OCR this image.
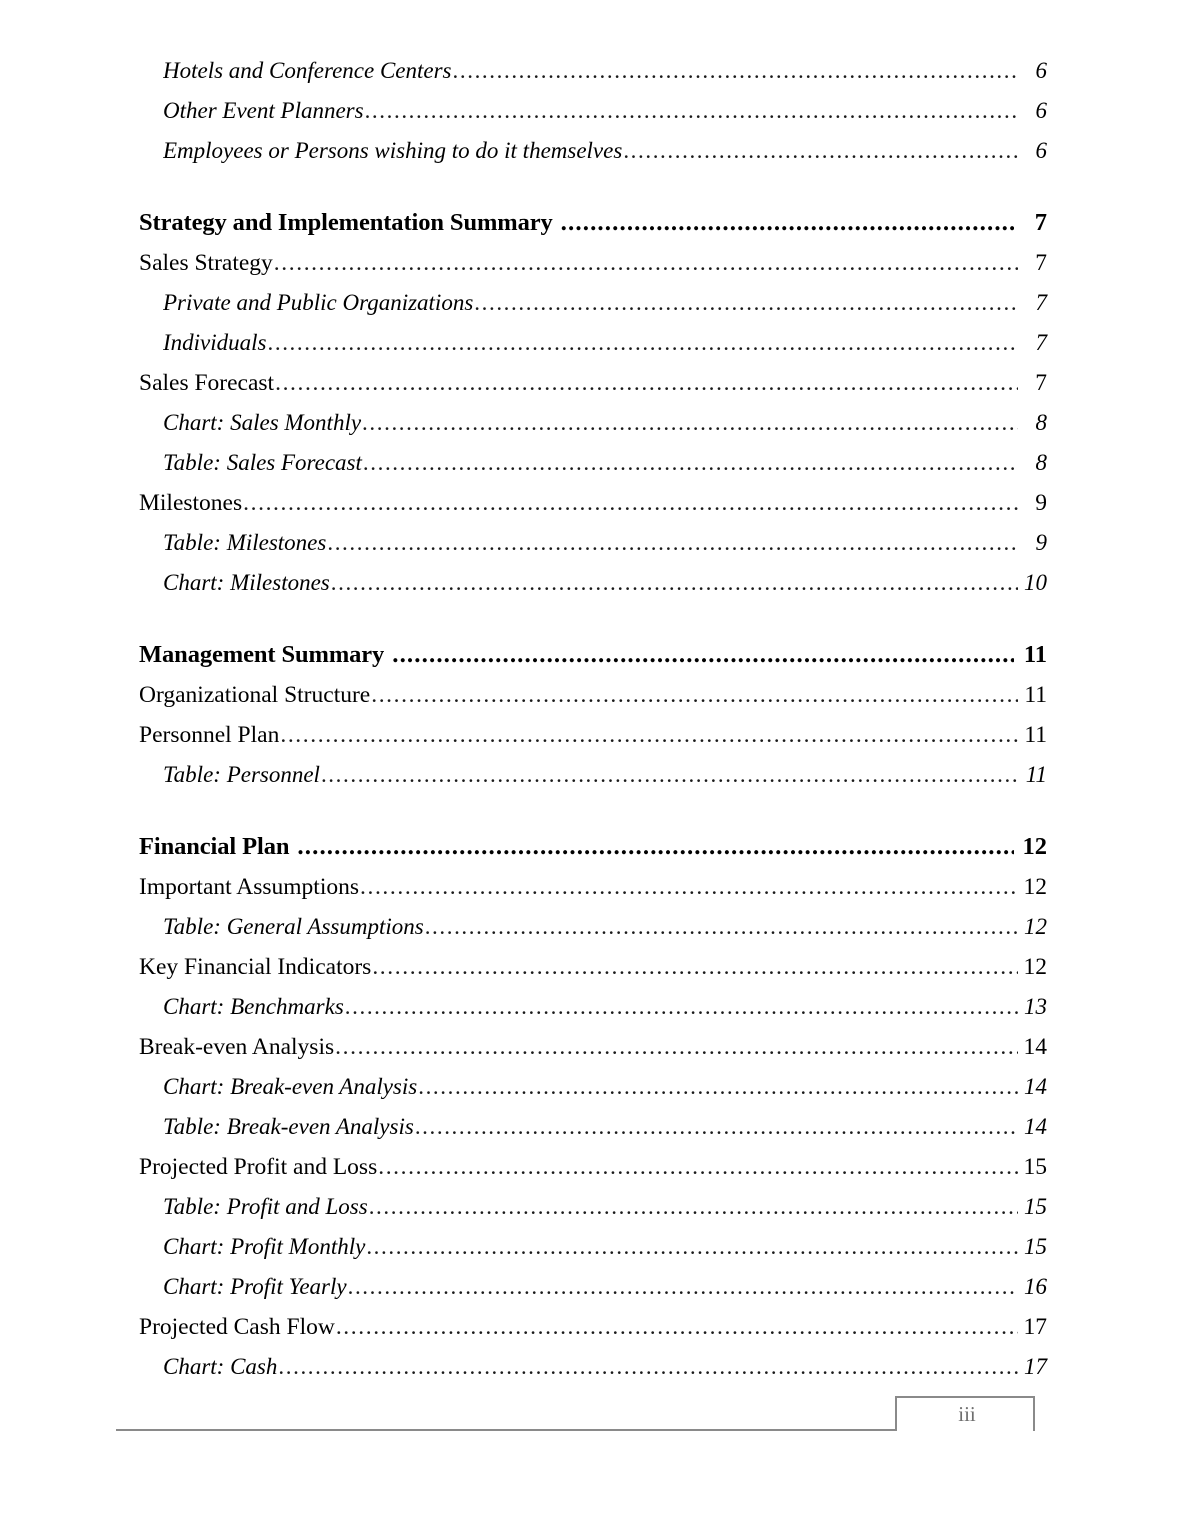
Hotels and Conference Centers .....	6
Other Event Planners .....	6
Employees or Persons wishing to do it themselves .....	6
Strategy and Implementation Summary .....	7
Sales Strategy .....	7
Private and Public Organizations .....	7
Individuals .....	7
Sales Forecast .....	7
Chart: Sales Monthly .....	8
Table: Sales Forecast .....	8
Milestones .....	9
Table: Milestones .....	9
Chart: Milestones .....	10
Management Summary .....	11
Organizational Structure .....	11
Personnel Plan .....	11
Table: Personnel .....	11
Financial Plan .....	12
Important Assumptions .....	12
Table: General Assumptions .....	12
Key Financial Indicators .....	12
Chart: Benchmarks .....	13
Break-even Analysis .....	14
Chart: Break-even Analysis .....	14
Table: Break-even Analysis .....	14
Projected Profit and Loss .....	15
Table: Profit and Loss .....	15
Chart: Profit Monthly .....	15
Chart: Profit Yearly .....	16
Projected Cash Flow .....	17
Chart: Cash .....	17
iii
